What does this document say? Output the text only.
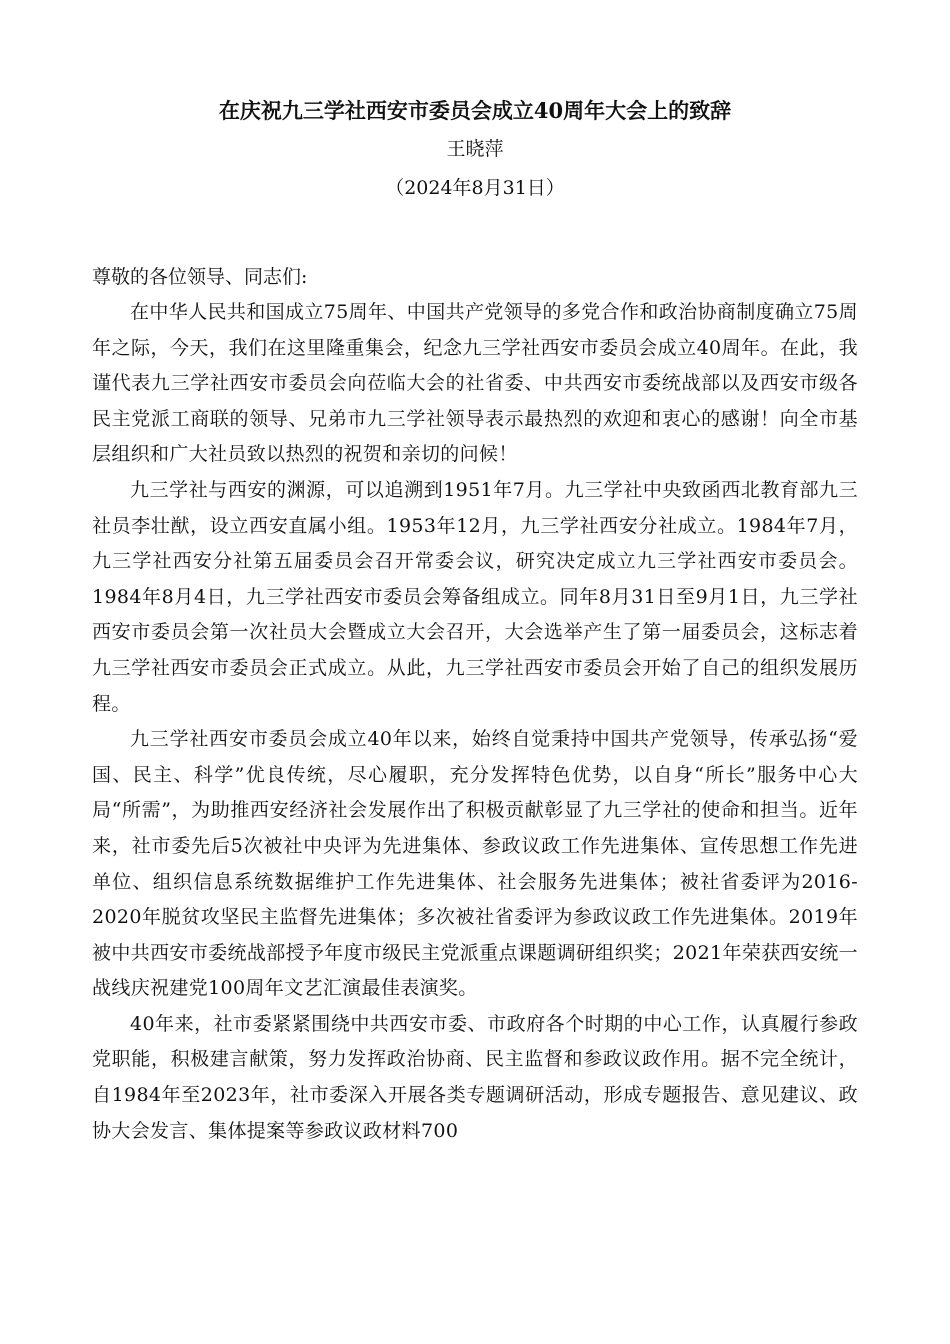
在庆祝九三学社西安市委员会成立40周年大会上的致辞
王晓萍
（2024年8月31日）
尊敬的各位领导、同志们:

在中华人民共和国成立75周年、中国共产党领导的多党合作和政治协商制度确立75周年之际，今天，我们在这里隆重集会，纪念九三学社西安市委员会成立40周年。在此，我谨代表九三学社西安市委员会向莅临大会的社省委、中共西安市委统战部以及西安市级各民主党派工商联的领导、兄弟市九三学社领导表示最热烈的欢迎和衷心的感谢！向全市基层组织和广大社员致以热烈的祝贺和亲切的问候！

九三学社与西安的渊源，可以追溯到1951年7月。九三学社中央致函西北教育部九三社员李壮猷，设立西安直属小组。1953年12月，九三学社西安分社成立。1984年7月，九三学社西安分社第五届委员会召开常委会议，研究决定成立九三学社西安市委员会。1984年8月4日，九三学社西安市委员会筹备组成立。同年8月31日至9月1日，九三学社西安市委员会第一次社员大会暨成立大会召开，大会选举产生了第一届委员会，这标志着九三学社西安市委员会正式成立。从此，九三学社西安市委员会开始了自己的组织发展历程。

九三学社西安市委员会成立40年以来，始终自觉秉持中国共产党领导，传承弘扬“爱国、民主、科学”优良传统，尽心履职，充分发挥特色优势，以自身“所长”服务中心大局“所需”，为助推西安经济社会发展作出了积极贡献彰显了九三学社的使命和担当。近年来，社市委先后5次被社中央评为先进集体、参政议政工作先进集体、宣传思想工作先进单位、组织信息系统数据维护工作先进集体、社会服务先进集体；被社省委评为2016-2020年脱贫攻坚民主监督先进集体；多次被社省委评为参政议政工作先进集体。2019年被中共西安市委统战部授予年度市级民主党派重点课题调研组织奖；2021年荣获西安统一战线庆祝建党100周年文艺汇演最佳表演奖。

40年来，社市委紧紧围绕中共西安市委、市政府各个时期的中心工作，认真履行参政党职能，积极建言献策，努力发挥政治协商、民主监督和参政议政作用。据不完全统计，自1984年至2023年，社市委深入开展各类专题调研活动，形成专题报告、意见建议、政协大会发言、集体提案等参政议政材料700
